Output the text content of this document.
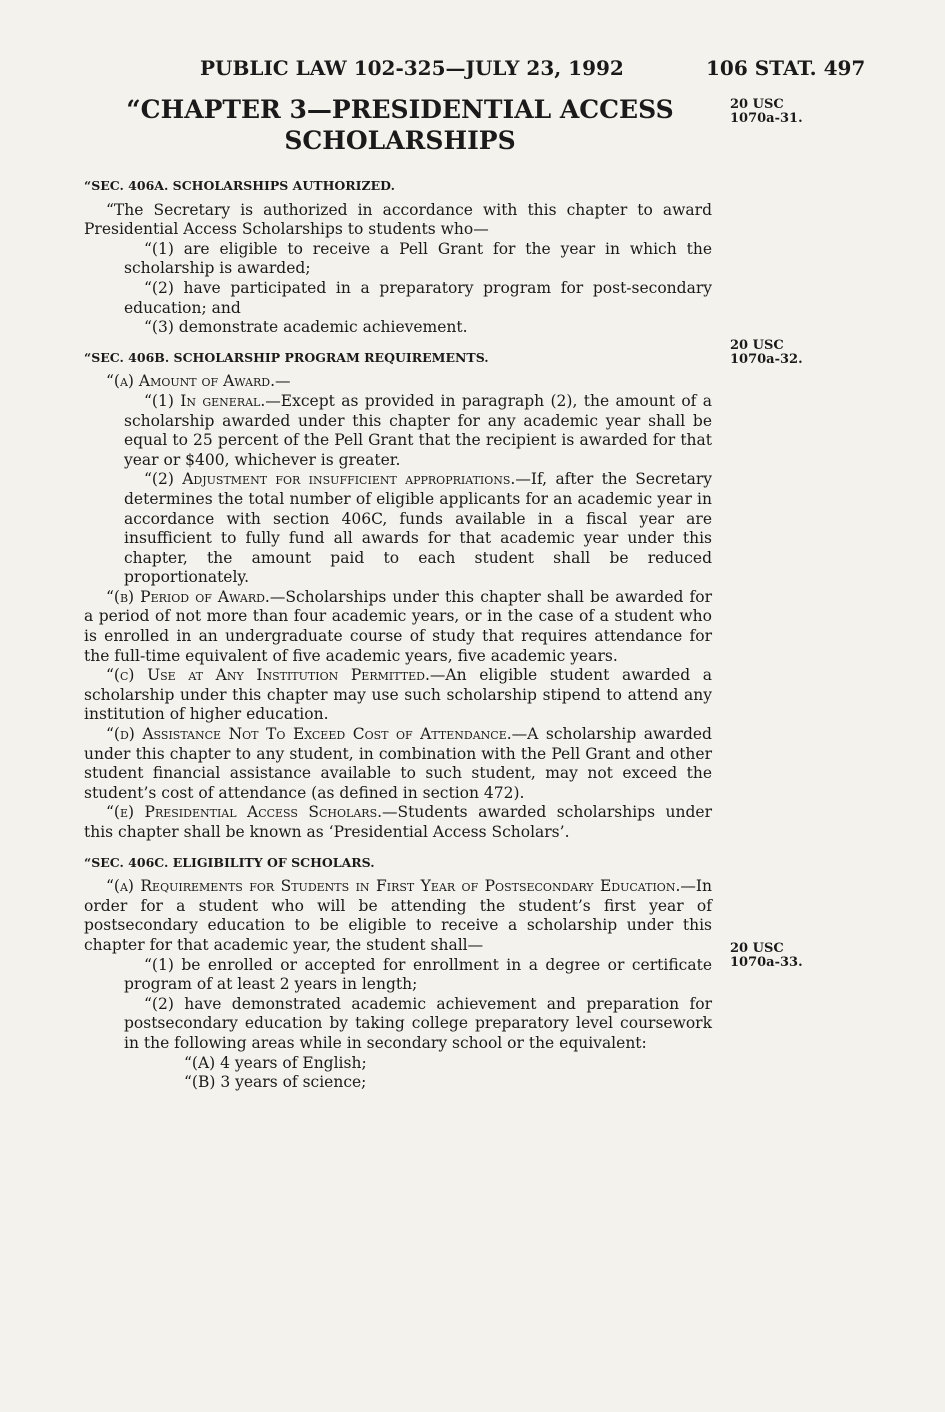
PUBLIC LAW 102-325—JULY 23, 1992	106 STAT. 497
“CHAPTER 3—PRESIDENTIAL ACCESS
SCHOLARSHIPS
20 USC
1070a-31.
20 USC
1070a-32.
20 USC
1070a-33.
“SEC. 406A. SCHOLARSHIPS AUTHORIZED.

“The Secretary is authorized in accordance with this chapter to award Presidential Access Scholarships to students who—

“(1) are eligible to receive a Pell Grant for the year in which the scholarship is awarded;

“(2) have participated in a preparatory program for post-secondary education; and

“(3) demonstrate academic achievement.

“SEC. 406B. SCHOLARSHIP PROGRAM REQUIREMENTS.

“(a) Amount of Award.—

“(1) In general.—Except as provided in paragraph (2), the amount of a scholarship awarded under this chapter for any academic year shall be equal to 25 percent of the Pell Grant that the recipient is awarded for that year or $400, whichever is greater.

“(2) Adjustment for insufficient appropriations.—If, after the Secretary determines the total number of eligible applicants for an academic year in accordance with section 406C, funds available in a fiscal year are insufficient to fully fund all awards for that academic year under this chapter, the amount paid to each student shall be reduced proportionately.

“(b) Period of Award.—Scholarships under this chapter shall be awarded for a period of not more than four academic years, or in the case of a student who is enrolled in an undergraduate course of study that requires attendance for the full-time equivalent of five academic years, five academic years.

“(c) Use at Any Institution Permitted.—An eligible student awarded a scholarship under this chapter may use such scholarship stipend to attend any institution of higher education.

“(d) Assistance Not To Exceed Cost of Attendance.—A scholarship awarded under this chapter to any student, in combination with the Pell Grant and other student financial assistance available to such student, may not exceed the student’s cost of attendance (as defined in section 472).

“(e) Presidential Access Scholars.—Students awarded scholarships under this chapter shall be known as ‘Presidential Access Scholars’.

“SEC. 406C. ELIGIBILITY OF SCHOLARS.

“(a) Requirements for Students in First Year of Postsecondary Education.—In order for a student who will be attending the student’s first year of postsecondary education to be eligible to receive a scholarship under this chapter for that academic year, the student shall—

“(1) be enrolled or accepted for enrollment in a degree or certificate program of at least 2 years in length;

“(2) have demonstrated academic achievement and preparation for postsecondary education by taking college preparatory level coursework in the following areas while in secondary school or the equivalent:

“(A) 4 years of English;

“(B) 3 years of science;
